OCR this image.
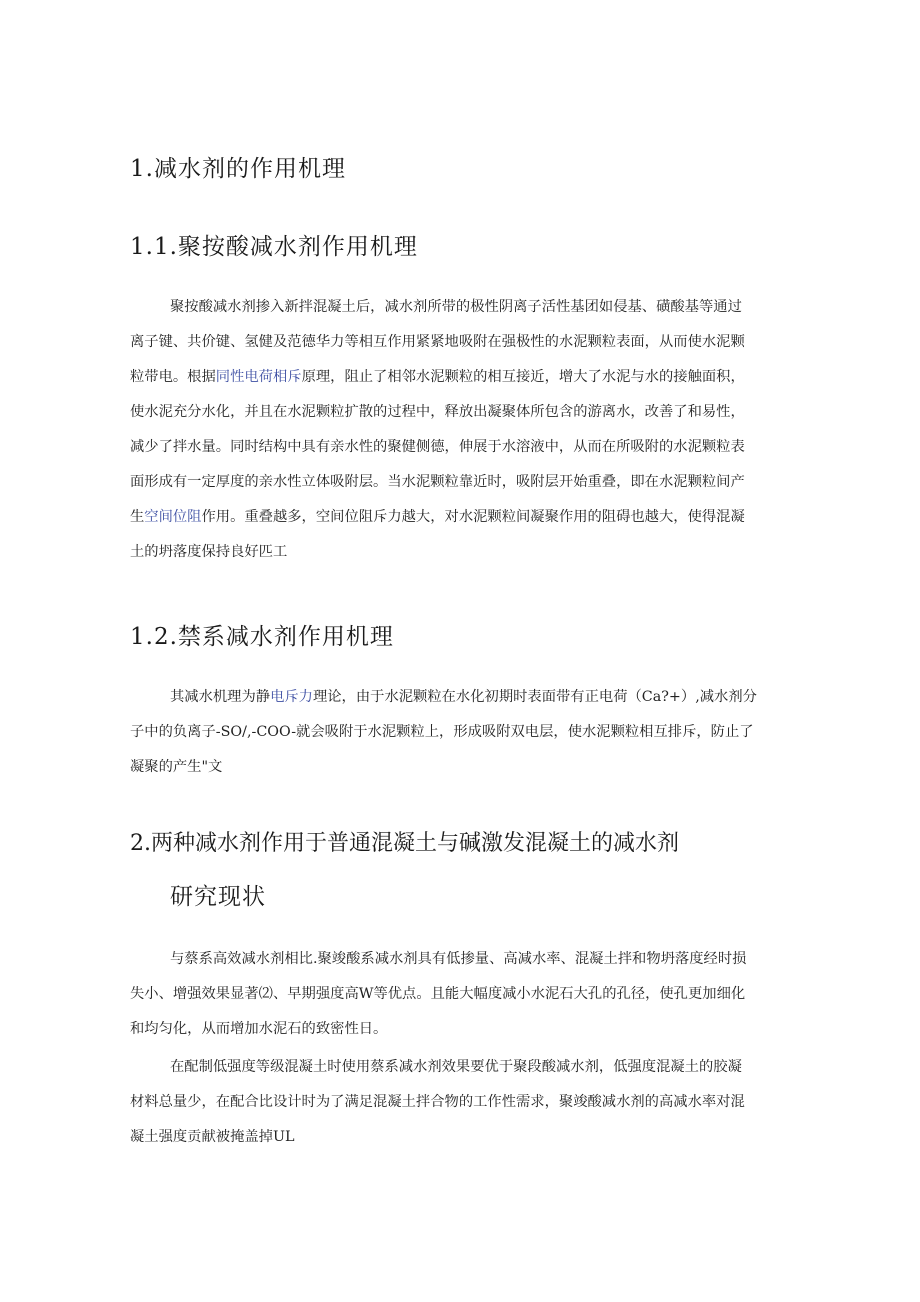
1.减水剂的作用机理
1.1.聚按酸减水剂作用机理
聚按酸减水剂掺入新拌混凝土后，减水剂所带的极性阴离子活性基团如侵基、磺酸基等通过
离子键、共价键、氢健及范德华力等相互作用紧紧地吸附在强极性的水泥颗粒表面，从而使水泥颗
粒带电。根据同性电荷相斥原理，阻止了相邻水泥颗粒的相互接近，增大了水泥与水的接触面积，
使水泥充分水化，并且在水泥颗粒扩散的过程中，释放出凝聚体所包含的游离水，改善了和易性，
减少了拌水量。同时结构中具有亲水性的聚健侧德，伸展于水溶液中，从而在所吸附的水泥颗粒表
面形成有一定厚度的亲水性立体吸附层。当水泥颗粒靠近时，吸附层开始重叠，即在水泥颗粒间产
生空间位阻作用。重叠越多，空间位阻斥力越大，对水泥颗粒间凝聚作用的阻碍也越大，使得混凝
土的坍落度保持良好匹工
1.2.禁系减水剂作用机理
其减水机理为静电斥力理论，由于水泥颗粒在水化初期时表面带有正电荷（Ca?+）,减水剂分
子中的负离子-SO/,-COO-就会吸附于水泥颗粒上，形成吸附双电层，使水泥颗粒相互排斥，防止了
凝聚的产生"文
2.两种减水剂作用于普通混凝土与碱激发混凝土的减水剂
研究现状
与蔡系高效减水剂相比.聚竣酸系减水剂具有低掺量、高减水率、混凝土拌和物坍落度经时损
失小、增强效果显著⑵、早期强度高W等优点。且能大幅度减小水泥石大孔的孔径，使孔更加细化
和均匀化，从而增加水泥石的致密性日。
在配制低强度等级混凝土时使用蔡系减水剂效果要优于聚段酸减水剂，低强度混凝土的胶凝
材料总量少，在配合比设计时为了满足混凝土拌合物的工作性需求，聚竣酸减水剂的高减水率对混
凝土强度贡献被掩盖掉UL
